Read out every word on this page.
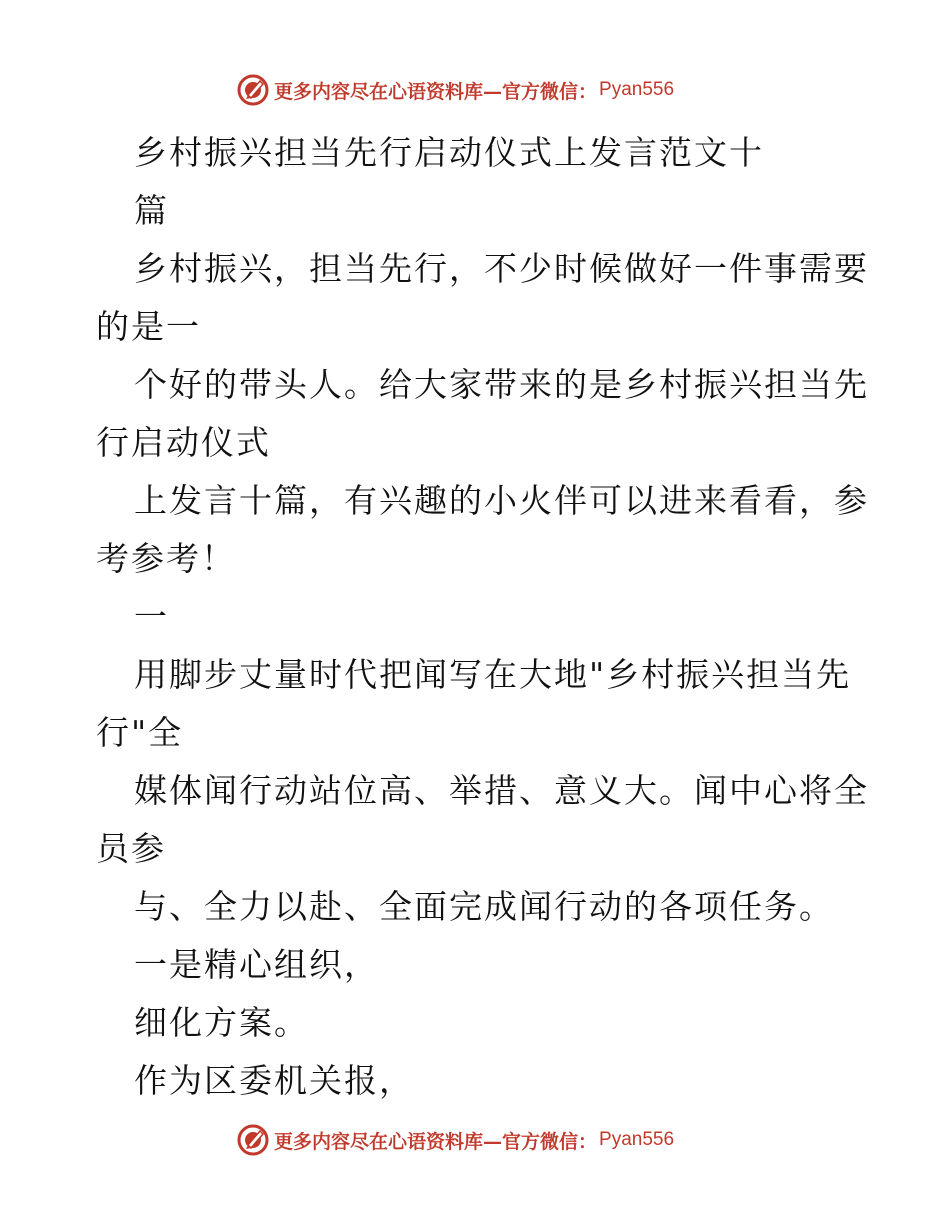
更多内容尽在心语资料库—官方微信： Pyan556
乡村振兴担当先行启动仪式上发言范文十
篇
乡村振兴，担当先行，不少时候做好一件事需要
的是一
个好的带头人。给大家带来的是乡村振兴担当先
行启动仪式
上发言十篇，有兴趣的小火伴可以进来看看，参
考参考！
一
用脚步丈量时代把闻写在大地"乡村振兴担当先
行"全
媒体闻行动站位高、举措、意义大。闻中心将全
员参
与、全力以赴、全面完成闻行动的各项任务。
一是精心组织，
细化方案。
作为区委机关报，
更多内容尽在心语资料库—官方微信： Pyan556
